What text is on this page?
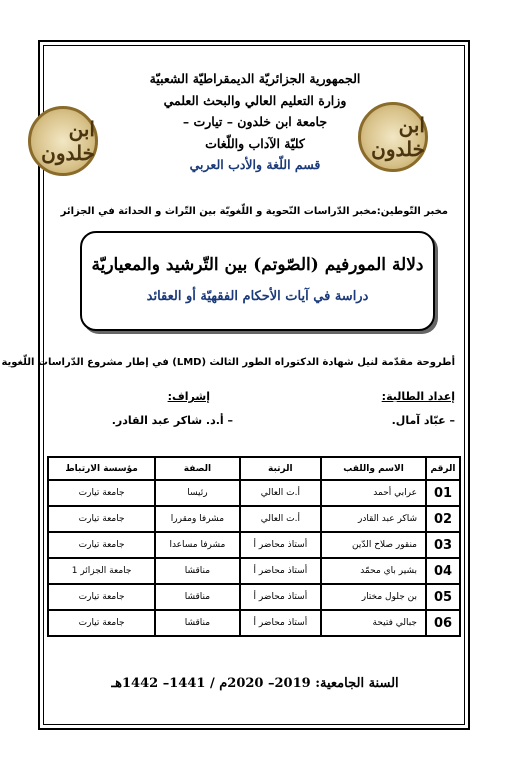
الجمهورية الجزائريّة الديمقراطيّة الشعبيّة
وزارة التعليم العالي والبحث العلمي
جامعة ابن خلدون – تيارت –
كليّة الآداب واللّغات
قسم اللّغة والأدب العربي
ابن خلدون
ابن خلدون
مخبر التّوطين:مخبر الدّراسات النّحوية و اللّغويّة بين التّراث و الحداثة في الجزائر
دلالة المورفيم (الصّوتم) بين التّرشيد والمعياريّة
دراسة في آيات الأحكام الفقهيّة أو العقائد
أطروحة مقدّمة لنيل شهادة الدكتوراه الطور الثالث (LMD) في إطار مشروع الدّراسات اللّغوية
إعداد الطالبة:
– عبّاد آمال.
إشراف:
– أ.د. شاكر عبد القادر.
الرقم	الاسم واللقب	الرتبة	الصفة	مؤسسة الارتباط
01	عرابي أحمد	أ.ت العالي	رئيسا	جامعة تيارت
02	شاكر عبد القادر	أ.ت العالي	مشرفا ومقررا	جامعة تيارت
03	منقور صلاح الدّين	أستاذ محاضر أ	مشرفا مساعدا	جامعة تيارت
04	بشير باي محمّد	أستاذ محاضر أ	مناقشا	جامعة الجزائر 1
05	بن جلول مختار	أستاذ محاضر أ	مناقشا	جامعة تيارت
06	جبالي فتيحة	أستاذ محاضر أ	مناقشا	جامعة تيارت
السنة الجامعية: 2019– 2020م / 1441– 1442هـ
